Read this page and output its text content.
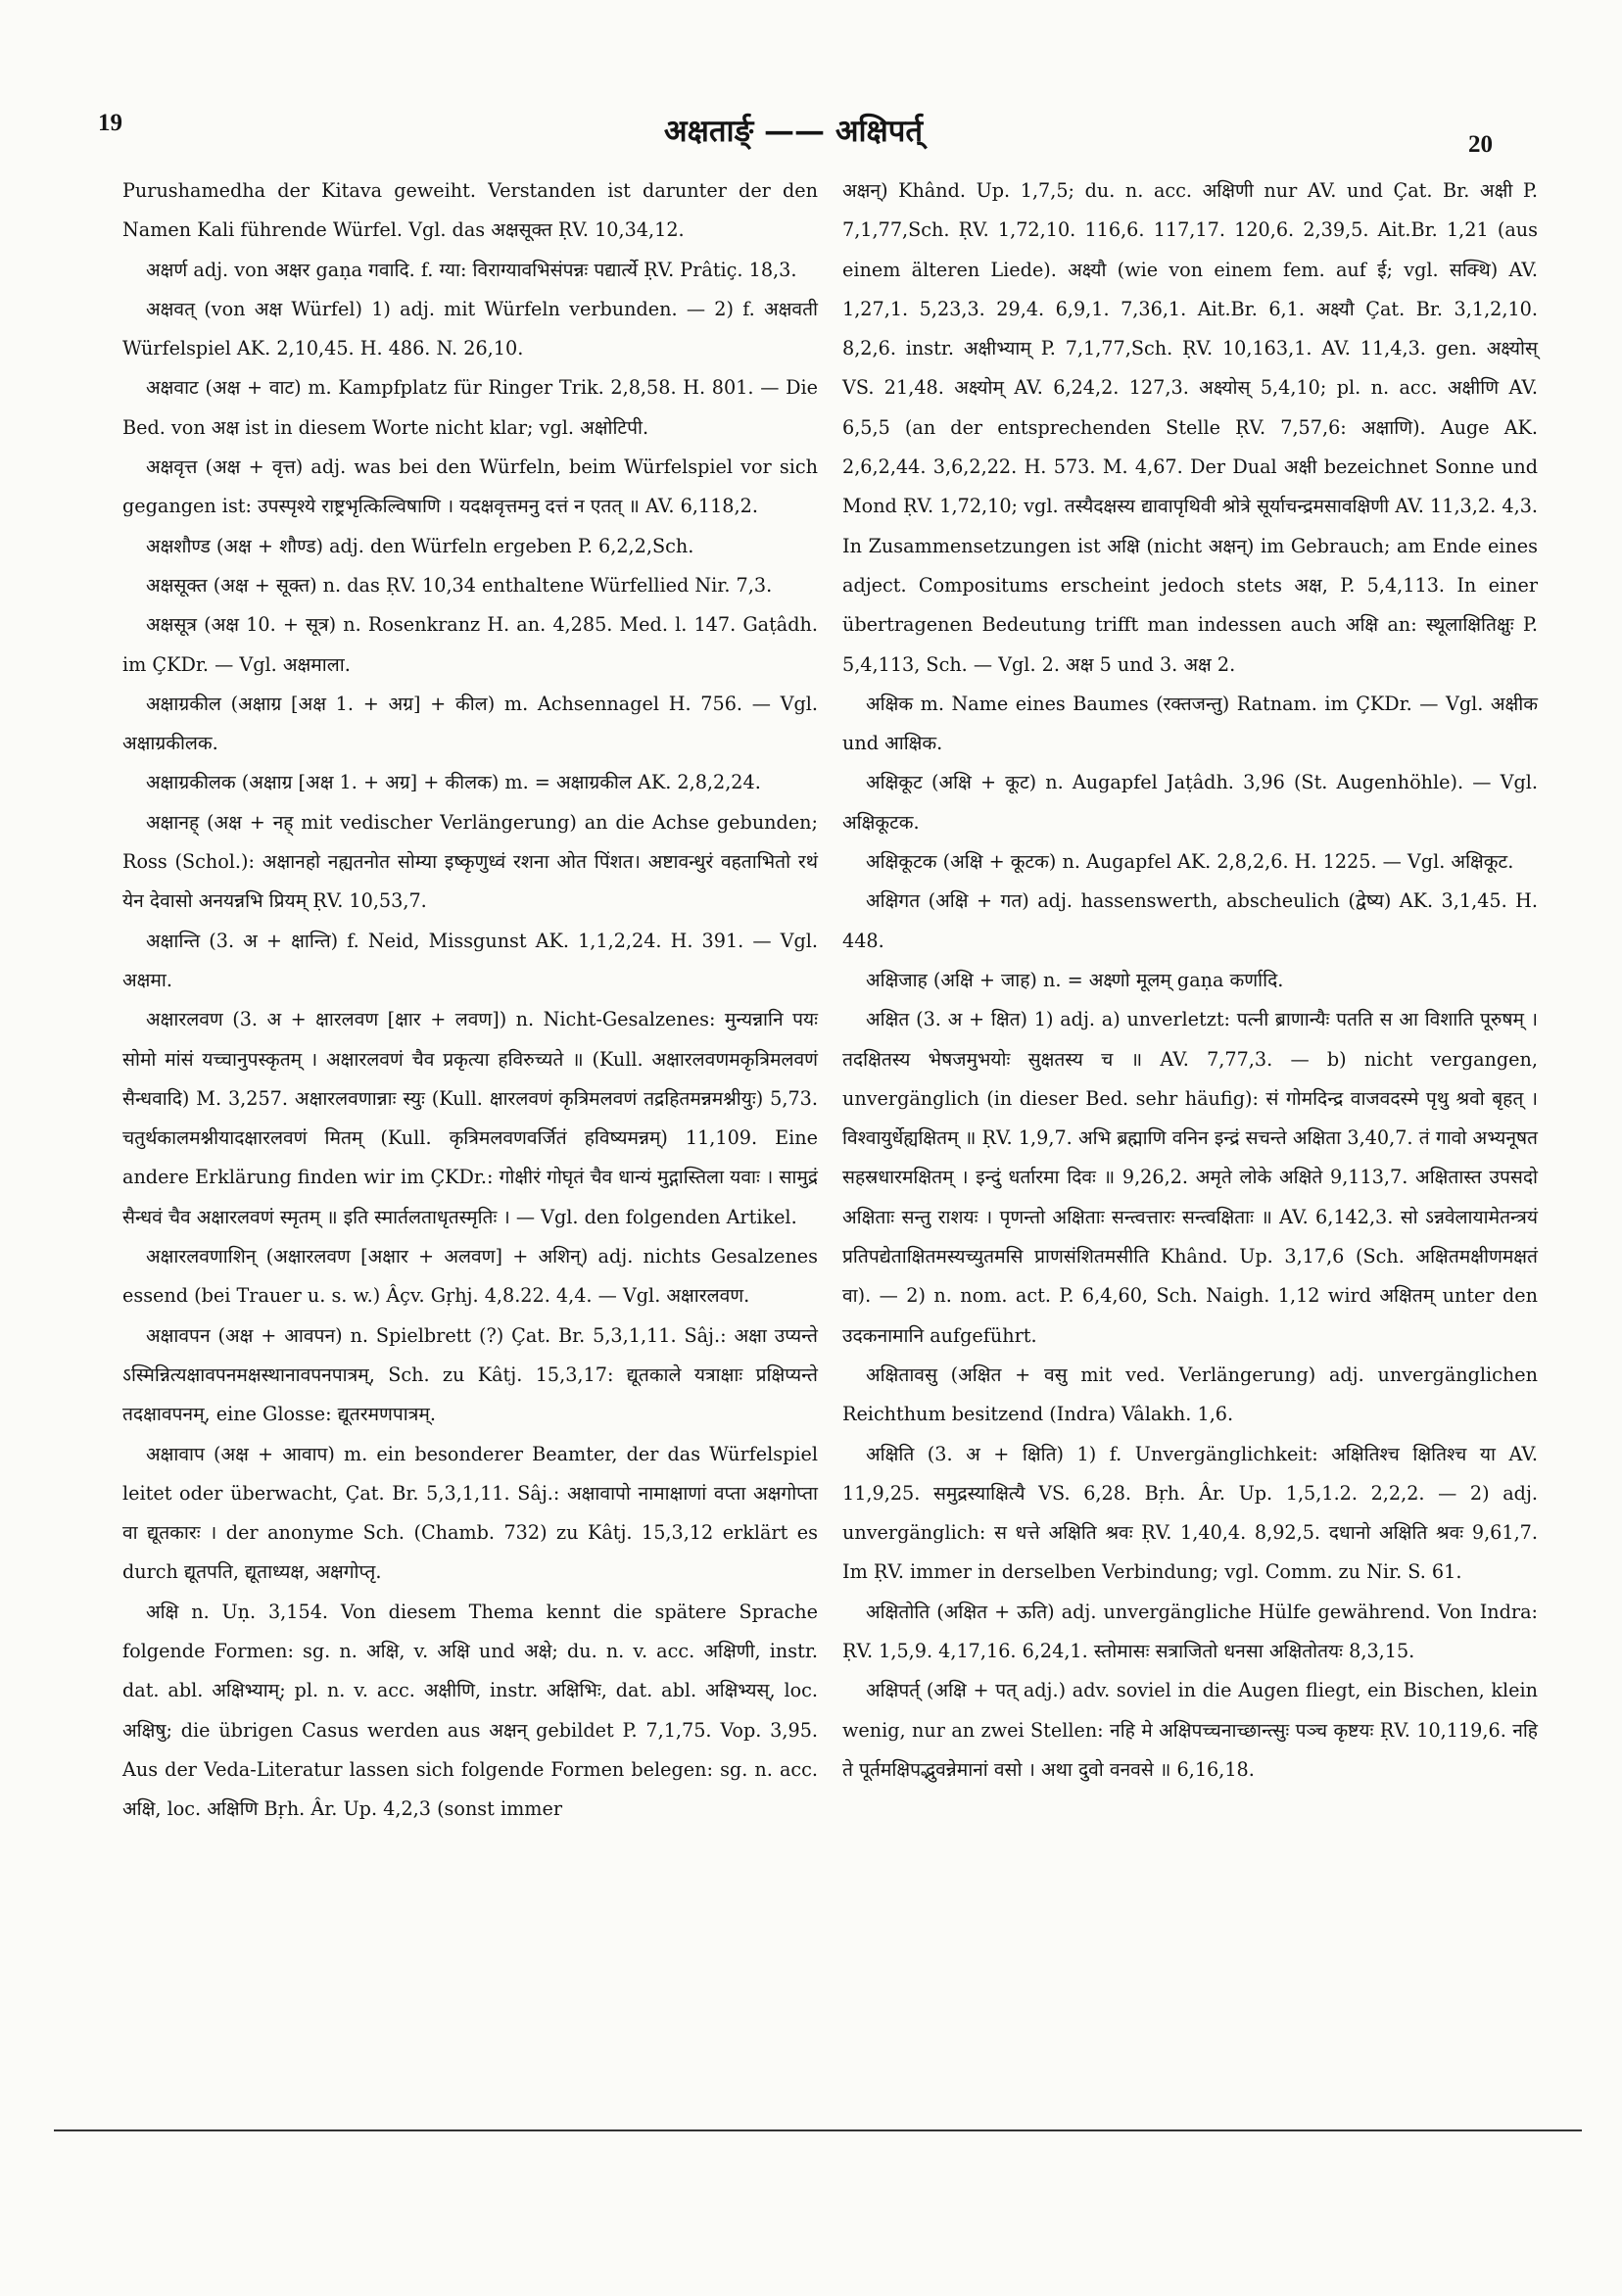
19	अक्षतार्ङ् —— अक्षिपर्त्	20

Purushamedha der Kitava geweiht. Verstanden ist darunter der den Namen Kali führende Würfel. Vgl. das अक्षसूक्त ṚV. 10,34,12.

अक्षर्ण adj. von अक्षर gaṇa गवादि. f. ग्या: विराग्यावभिसंपन्नः पद्यार्त्ये ṚV. Prâtiç. 18,3.

अक्षवत् (von अक्ष Würfel) 1) adj. mit Würfeln verbunden. — 2) f. अक्षवती Würfelspiel AK. 2,10,45. H. 486. N. 26,10.

अक्षवाट (अक्ष + वाट) m. Kampfplatz für Ringer Trik. 2,8,58. H. 801. — Die Bed. von अक्ष ist in diesem Worte nicht klar; vgl. अक्षोटिपी.

अक्षवृत्त (अक्ष + वृत्त) adj. was bei den Würfeln, beim Würfelspiel vor sich gegangen ist: उपस्पृश्ये राष्ट्रभृत्किल्विषाणि । यदक्षवृत्तमनु दत्तं न एतत् ॥ AV. 6,118,2.

अक्षशौण्ड (अक्ष + शौण्ड) adj. den Würfeln ergeben P. 6,2,2,Sch.

अक्षसूक्त (अक्ष + सूक्त) n. das ṚV. 10,34 enthaltene Würfellied Nir. 7,3.

अक्षसूत्र (अक्ष 10. + सूत्र) n. Rosenkranz H. an. 4,285. Med. l. 147. Gaṭâdh. im ÇKDr. — Vgl. अक्षमाला.

अक्षाग्रकील (अक्षाग्र [अक्ष 1. + अग्र] + कील) m. Achsennagel H. 756. — Vgl. अक्षाग्रकीलक.

अक्षाग्रकीलक (अक्षाग्र [अक्ष 1. + अग्र] + कीलक) m. = अक्षाग्रकील AK. 2,8,2,24.

अक्षानह् (अक्ष + नह् mit vedischer Verlängerung) an die Achse gebunden; Ross (Schol.): अक्षानहो नह्यतनोत सोम्या इष्कृणुध्वं रशना ओत पिंशत। अष्टावन्धुरं वहताभितो रथं येन देवासो अनयन्नभि प्रियम् ṚV. 10,53,7.

अक्षान्ति (3. अ + क्षान्ति) f. Neid, Missgunst AK. 1,1,2,24. H. 391. — Vgl. अक्षमा.

अक्षारलवण (3. अ + क्षारलवण [क्षार + लवण]) n. Nicht-Gesalzenes: मुन्यन्नानि पयः सोमो मांसं यच्चानुपस्कृतम् । अक्षारलवणं चैव प्रकृत्या हविरुच्यते ॥ (Kull. अक्षारलवणमकृत्रिमलवणं सैन्धवादि) M. 3,257. अक्षारलवणान्नाः स्युः (Kull. क्षारलवणं कृत्रिमलवणं तद्रहितमन्नमश्नीयुः) 5,73. चतुर्थकालमश्नीयादक्षारलवणं मितम् (Kull. कृत्रिमलवणवर्जितं हविष्यमन्नम्) 11,109. Eine andere Erklärung finden wir im ÇKDr.: गोक्षीरं गोघृतं चैव धान्यं मुद्गास्तिला यवाः । सामुद्रं सैन्धवं चैव अक्षारलवणं स्मृतम् ॥ इति स्मार्तलताधृतस्मृतिः । — Vgl. den folgenden Artikel.

अक्षारलवणाशिन् (अक्षारलवण [अक्षार + अलवण] + अशिन्) adj. nichts Gesalzenes essend (bei Trauer u. s. w.) Âçv. Gṛhj. 4,8.22. 4,4. — Vgl. अक्षारलवण.

अक्षावपन (अक्ष + आवपन) n. Spielbrett (?) Çat. Br. 5,3,1,11. Sâj.: अक्षा उप्यन्ते ऽस्मिन्नित्यक्षावपनमक्षस्थानावपनपात्रम्, Sch. zu Kâtj. 15,3,17: द्यूतकाले यत्राक्षाः प्रक्षिप्यन्ते तदक्षावपनम्, eine Glosse: द्यूतरमणपात्रम्.

अक्षावाप (अक्ष + आवाप) m. ein besonderer Beamter, der das Würfelspiel leitet oder überwacht, Çat. Br. 5,3,1,11. Sâj.: अक्षावापो नामाक्षाणां वप्ता अक्षगोप्ता वा द्यूतकारः । der anonyme Sch. (Chamb. 732) zu Kâtj. 15,3,12 erklärt es durch द्यूतपति, द्यूताध्यक्ष, अक्षगोप्तृ.

अक्षि n. Uṇ. 3,154. Von diesem Thema kennt die spätere Sprache folgende Formen: sg. n. अक्षि, v. अक्षि und अक्षे; du. n. v. acc. अक्षिणी, instr. dat. abl. अक्षिभ्याम्; pl. n. v. acc. अक्षीणि, instr. अक्षिभिः, dat. abl. अक्षिभ्यस्, loc. अक्षिषु; die übrigen Casus werden aus अक्षन् gebildet P. 7,1,75. Vop. 3,95. Aus der Veda-Literatur lassen sich folgende Formen belegen: sg. n. acc. अक्षि, loc. अक्षिणि Bṛh. Âr. Up. 4,2,3 (sonst immer

अक्षन्) Khând. Up. 1,7,5; du. n. acc. अक्षिणी nur AV. und Çat. Br. अक्षी P. 7,1,77,Sch. ṚV. 1,72,10. 116,6. 117,17. 120,6. 2,39,5. Ait.Br. 1,21 (aus einem älteren Liede). अक्ष्यौ (wie von einem fem. auf ई; vgl. सक्थि) AV. 1,27,1. 5,23,3. 29,4. 6,9,1. 7,36,1. Ait.Br. 6,1. अक्ष्यौ Çat. Br. 3,1,2,10. 8,2,6. instr. अक्षीभ्याम् P. 7,1,77,Sch. ṚV. 10,163,1. AV. 11,4,3. gen. अक्ष्योस् VS. 21,48. अक्ष्योम् AV. 6,24,2. 127,3. अक्ष्योस् 5,4,10; pl. n. acc. अक्षीणि AV. 6,5,5 (an der entsprechenden Stelle ṚV. 7,57,6: अक्षाणि). Auge AK. 2,6,2,44. 3,6,2,22. H. 573. M. 4,67. Der Dual अक्षी bezeichnet Sonne und Mond ṚV. 1,72,10; vgl. तस्यैदक्षस्य द्यावापृथिवी श्रोत्रे सूर्याचन्द्रमसावक्षिणी AV. 11,3,2. 4,3. In Zusammensetzungen ist अक्षि (nicht अक्षन्) im Gebrauch; am Ende eines adject. Compositums erscheint jedoch stets अक्ष, P. 5,4,113. In einer übertragenen Bedeutung trifft man indessen auch अक्षि an: स्थूलाक्षितिक्षुः P. 5,4,113, Sch. — Vgl. 2. अक्ष 5 und 3. अक्ष 2.

अक्षिक m. Name eines Baumes (रक्तजन्तु) Ratnam. im ÇKDr. — Vgl. अक्षीक und आक्षिक.

अक्षिकूट (अक्षि + कूट) n. Augapfel Jaṭâdh. 3,96 (St. Augenhöhle). — Vgl. अक्षिकूटक.

अक्षिकूटक (अक्षि + कूटक) n. Augapfel AK. 2,8,2,6. H. 1225. — Vgl. अक्षिकूट.

अक्षिगत (अक्षि + गत) adj. hassenswerth, abscheulich (द्वेष्य) AK. 3,1,45. H. 448.

अक्षिजाह (अक्षि + जाह) n. = अक्ष्णो मूलम् gaṇa कर्णादि.

अक्षित (3. अ + क्षित) 1) adj. a) unverletzt: पत्नी ब्राणान्यैः पतति स आ विशाति पूरुषम् । तदक्षितस्य भेषजमुभयोः सुक्षतस्य च ॥ AV. 7,77,3. — b) nicht vergangen, unvergänglich (in dieser Bed. sehr häufig): सं गोमदिन्द्र वाजवदस्मे पृथु श्रवो बृहत् । विश्वायुर्धेह्यक्षितम् ॥ ṚV. 1,9,7. अभि ब्रह्माणि वनिन इन्द्रं सचन्ते अक्षिता 3,40,7. तं गावो अभ्यनूषत सहस्रधारमक्षितम् । इन्दुं धर्तारमा दिवः ॥ 9,26,2. अमृते लोके अक्षिते 9,113,7. अक्षितास्त उपसदो अक्षिताः सन्तु राशयः । पृणन्तो अक्षिताः सन्त्वत्तारः सन्त्वक्षिताः ॥ AV. 6,142,3. सो ऽन्नवेलायामेतन्त्रयं प्रतिपद्येताक्षितमस्यच्युतमसि प्राणसंशितमसीति Khând. Up. 3,17,6 (Sch. अक्षितमक्षीणमक्षतं वा). — 2) n. nom. act. P. 6,4,60, Sch. Naigh. 1,12 wird अक्षितम् unter den उदकनामानि aufgeführt.

अक्षितावसु (अक्षित + वसु mit ved. Verlängerung) adj. unvergänglichen Reichthum besitzend (Indra) Vâlakh. 1,6.

अक्षिति (3. अ + क्षिति) 1) f. Unvergänglichkeit: अक्षितिश्च क्षितिश्च या AV. 11,9,25. समुद्रस्याक्षित्यै VS. 6,28. Bṛh. Âr. Up. 1,5,1.2. 2,2,2. — 2) adj. unvergänglich: स धत्ते अक्षिति श्रवः ṚV. 1,40,4. 8,92,5. दधानो अक्षिति श्रवः 9,61,7. Im ṚV. immer in derselben Verbindung; vgl. Comm. zu Nir. S. 61.

अक्षितोति (अक्षित + ऊति) adj. unvergängliche Hülfe gewährend. Von Indra: ṚV. 1,5,9. 4,17,16. 6,24,1. स्तोमासः सत्राजितो धनसा अक्षितोतयः 8,3,15.

अक्षिपर्त् (अक्षि + पत् adj.) adv. soviel in die Augen fliegt, ein Bischen, klein wenig, nur an zwei Stellen: नहि मे अक्षिपच्चनाच्छान्त्सुः पञ्च कृष्टयः ṚV. 10,119,6. नहि ते पूर्तमक्षिपद्भुवन्नेमानां वसो । अथा दुवो वनवसे ॥ 6,16,18.
